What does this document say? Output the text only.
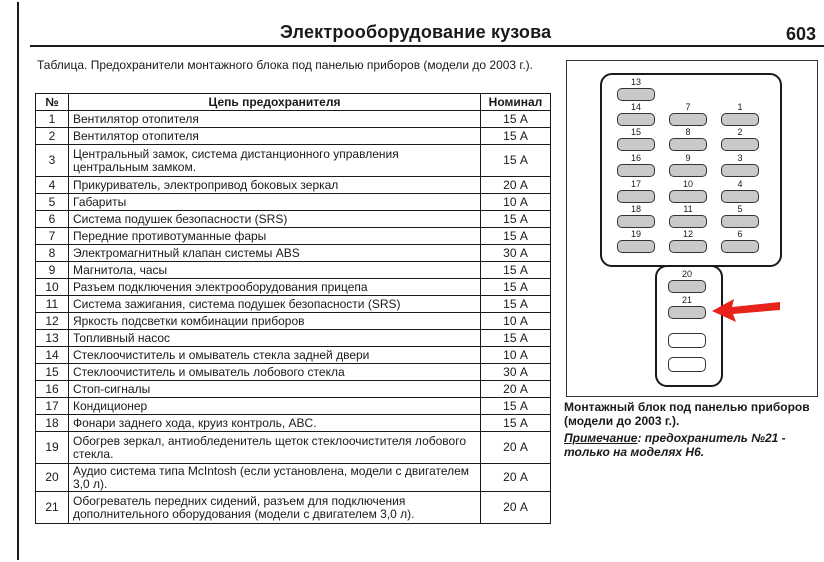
Электрооборудование кузова	603
Таблица. Предохранители монтажного блока под панелью приборов (модели до 2003 г.).
№	Цепь предохранителя	Номинал
1	Вентилятор отопителя	15 А
2	Вентилятор отопителя	15 А
3	Центральный замок, система дистанционного управления центральным замком.	15 А
4	Прикуриватель, электропривод боковых зеркал	20 А
5	Габариты	10 А
6	Система подушек безопасности (SRS)	15 А
7	Передние противотуманные фары	15 А
8	Электромагнитный клапан системы ABS	30 А
9	Магнитола, часы	15 А
10	Разъем подключения электрооборудования прицепа	15 А
11	Система зажигания, система подушек безопасности (SRS)	15 А
12	Яркость подсветки комбинации приборов	10 А
13	Топливный насос	15 А
14	Стеклоочиститель и омыватель стекла задней двери	10 А
15	Стеклоочиститель и омыватель лобового стекла	30 А
16	Стоп-сигналы	20 А
17	Кондиционер	15 А
18	Фонари заднего хода, круиз контроль, ABC.	15 А
19	Обогрев зеркал, антиобледенитель щеток стеклоочистителя лобового стекла.	20 А
20	Аудио система типа McIntosh (если установлена, модели с двигателем 3,0 л).	20 А
21	Обогреватель передних сидений, разъем для подключения дополнительного оборудования (модели с двигателем 3,0 л).	20 А
13
14
15
16
17
18
19
7
8
9
10
11
12
1
2
3
4
5
6
20
21
Монтажный блок под панелью приборов (модели до 2003 г.).
Примечание: предохранитель №21 - только на моделях Н6.
